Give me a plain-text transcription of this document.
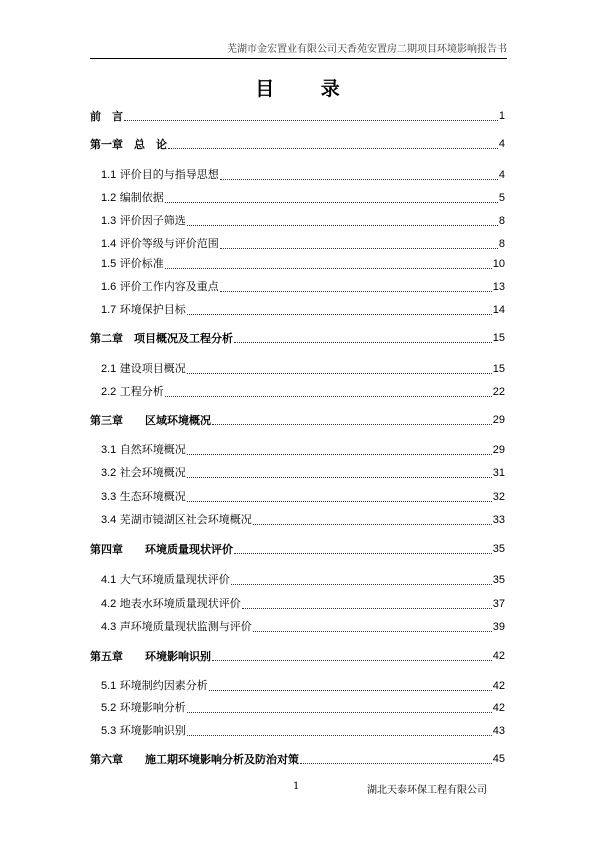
芜湖市金宏置业有限公司天香苑安置房二期项目环境影响报告书
目 录
前　言	1
第一章　总　论	4
1.1 评价目的与指导思想	4
1.2 编制依据	5
1.3 评价因子筛选	8
1.4 评价等级与评价范围	8
1.5 评价标准	10
1.6 评价工作内容及重点	13
1.7 环境保护目标	14
第二章　项目概况及工程分析	15
2.1 建设项目概况	15
2.2 工程分析	22
第三章　　区域环境概况	29
3.1 自然环境概况	29
3.2 社会环境概况	31
3.3 生态环境概况	32
3.4 芜湖市镜湖区社会环境概况	33
第四章　　环境质量现状评价	35
4.1 大气环境质量现状评价	35
4.2 地表水环境质量现状评价	37
4.3 声环境质量现状监测与评价	39
第五章　　环境影响识别	42
5.1 环境制约因素分析	42
5.2 环境影响分析	42
5.3 环境影响识别	43
第六章　　施工期环境影响分析及防治对策	45
1	湖北天泰环保工程有限公司
